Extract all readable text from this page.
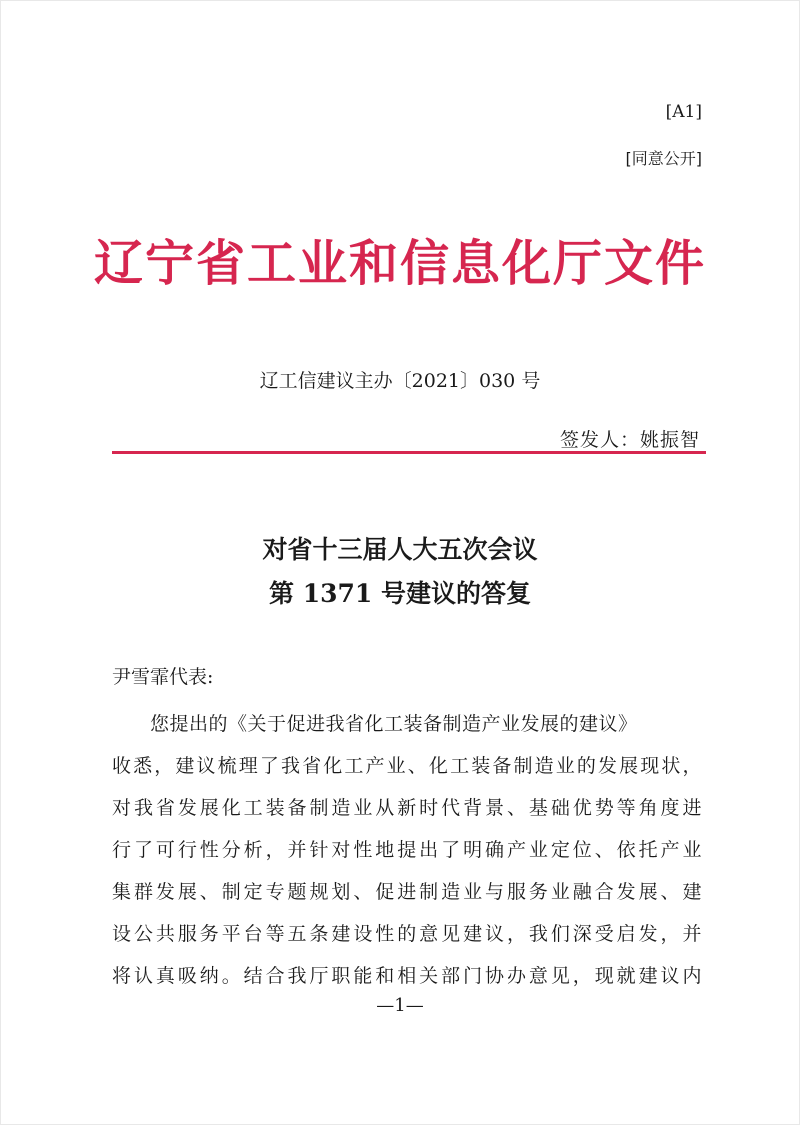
[A1]
[同意公开]
辽宁省工业和信息化厅文件
辽工信建议主办〔2021〕030 号
签发人：姚振智
对省十三届人大五次会议
第 1371 号建议的答复
尹雪霏代表:
您提出的《关于促进我省化工装备制造产业发展的建议》
收悉，建议梳理了我省化工产业、化工装备制造业的发展现状，
对我省发展化工装备制造业从新时代背景、基础优势等角度进
行了可行性分析，并针对性地提出了明确产业定位、依托产业
集群发展、制定专题规划、促进制造业与服务业融合发展、建
设公共服务平台等五条建设性的意见建议，我们深受启发，并
将认真吸纳。结合我厅职能和相关部门协办意见，现就建议内
—1—
